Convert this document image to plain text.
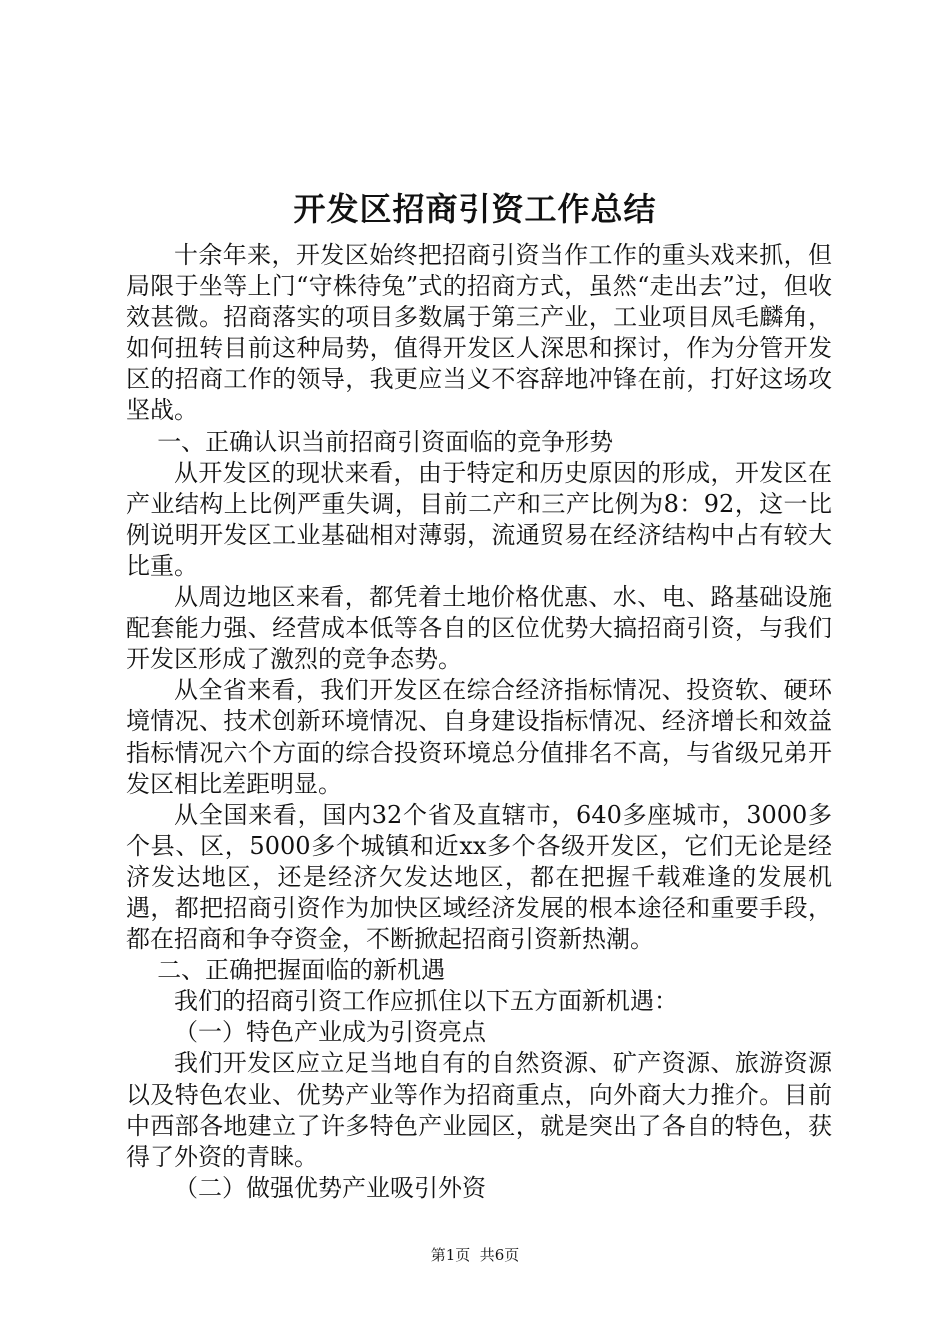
开发区招商引资工作总结

十余年来，开发区始终把招商引资当作工作的重头戏来抓，但局限于坐等上门“守株待兔”式的招商方式，虽然“走出去”过，但收效甚微。招商落实的项目多数属于第三产业，工业项目凤毛麟角，如何扭转目前这种局势，值得开发区人深思和探讨，作为分管开发区的招商工作的领导，我更应当义不容辞地冲锋在前，打好这场攻坚战。

一、正确认识当前招商引资面临的竞争形势

从开发区的现状来看，由于特定和历史原因的形成，开发区在产业结构上比例严重失调，目前二产和三产比例为8：92，这一比例说明开发区工业基础相对薄弱，流通贸易在经济结构中占有较大比重。

从周边地区来看，都凭着土地价格优惠、水、电、路基础设施配套能力强、经营成本低等各自的区位优势大搞招商引资，与我们开发区形成了激烈的竞争态势。

从全省来看，我们开发区在综合经济指标情况、投资软、硬环境情况、技术创新环境情况、自身建设指标情况、经济增长和效益指标情况六个方面的综合投资环境总分值排名不高，与省级兄弟开发区相比差距明显。

从全国来看，国内32个省及直辖市，640多座城市，3000多个县、区，5000多个城镇和近xx多个各级开发区，它们无论是经济发达地区，还是经济欠发达地区，都在把握千载难逢的发展机遇，都把招商引资作为加快区域经济发展的根本途径和重要手段，都在招商和争夺资金，不断掀起招商引资新热潮。

二、正确把握面临的新机遇

我们的招商引资工作应抓住以下五方面新机遇：

（一）特色产业成为引资亮点

我们开发区应立足当地自有的自然资源、矿产资源、旅游资源以及特色农业、优势产业等作为招商重点，向外商大力推介。目前中西部各地建立了许多特色产业园区，就是突出了各自的特色，获得了外资的青睐。

（二）做强优势产业吸引外资

第1页  共6页
